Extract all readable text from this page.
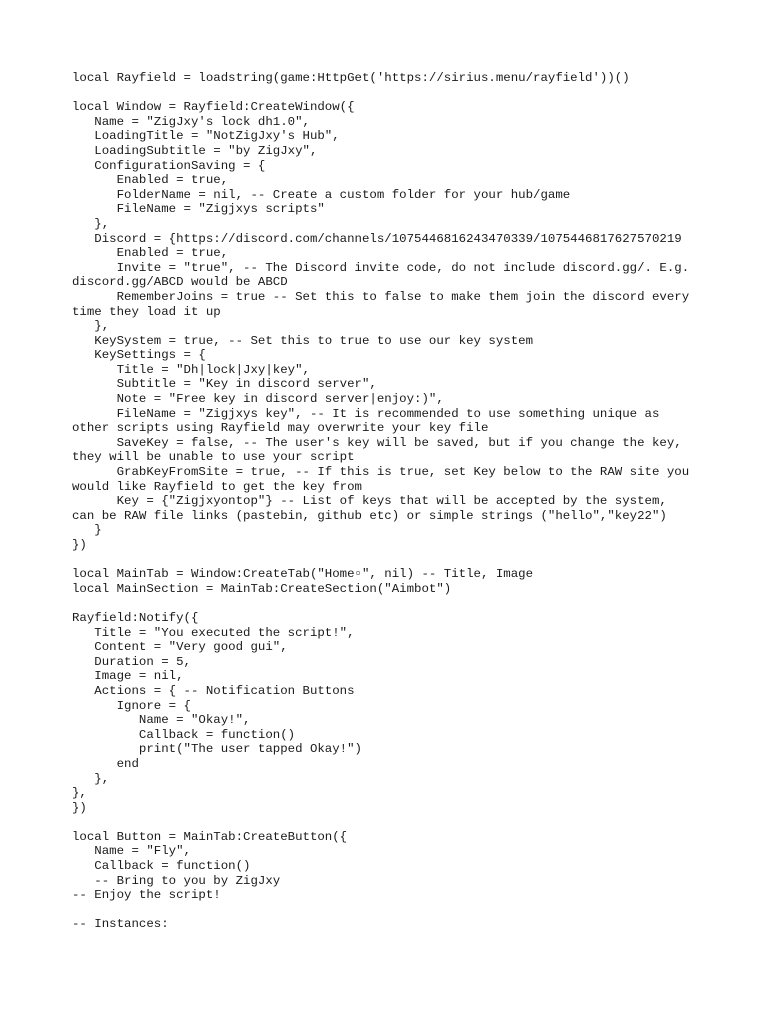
local Rayfield = loadstring(game:HttpGet('https://sirius.menu/rayfield'))()
local Window = Rayfield:CreateWindow({
Name = "ZigJxy's lock dh1.0",
LoadingTitle = "NotZigJxy's Hub",
LoadingSubtitle = "by ZigJxy",
ConfigurationSaving = {
Enabled = true,
FolderName = nil, -- Create a custom folder for your hub/game
FileName = "Zigjxys scripts"
},
Discord = {https://discord.com/channels/1075446816243470339/1075446817627570219
Enabled = true,
Invite = "true", -- The Discord invite code, do not include discord.gg/. E.g.
discord.gg/ABCD would be ABCD
RememberJoins = true -- Set this to false to make them join the discord every
time they load it up
},
KeySystem = true, -- Set this to true to use our key system
KeySettings = {
Title = "Dh|lock|Jxy|key",
Subtitle = "Key in discord server",
Note = "Free key in discord server|enjoy:)",
FileName = "Zigjxys key", -- It is recommended to use something unique as
other scripts using Rayfield may overwrite your key file
SaveKey = false, -- The user's key will be saved, but if you change the key,
they will be unable to use your script
GrabKeyFromSite = true, -- If this is true, set Key below to the RAW site you
would like Rayfield to get the key from
Key = {"Zigjxyontop"} -- List of keys that will be accepted by the system,
can be RAW file links (pastebin, github etc) or simple strings ("hello","key22")
}
})
local MainTab = Window:CreateTab("Home▫", nil) -- Title, Image
local MainSection = MainTab:CreateSection("Aimbot")
Rayfield:Notify({
Title = "You executed the script!",
Content = "Very good gui",
Duration = 5,
Image = nil,
Actions = { -- Notification Buttons
Ignore = {
Name = "Okay!",
Callback = function()
print("The user tapped Okay!")
end
},
},
})
local Button = MainTab:CreateButton({
Name = "Fly",
Callback = function()
-- Bring to you by ZigJxy
-- Enjoy the script!
-- Instances:
